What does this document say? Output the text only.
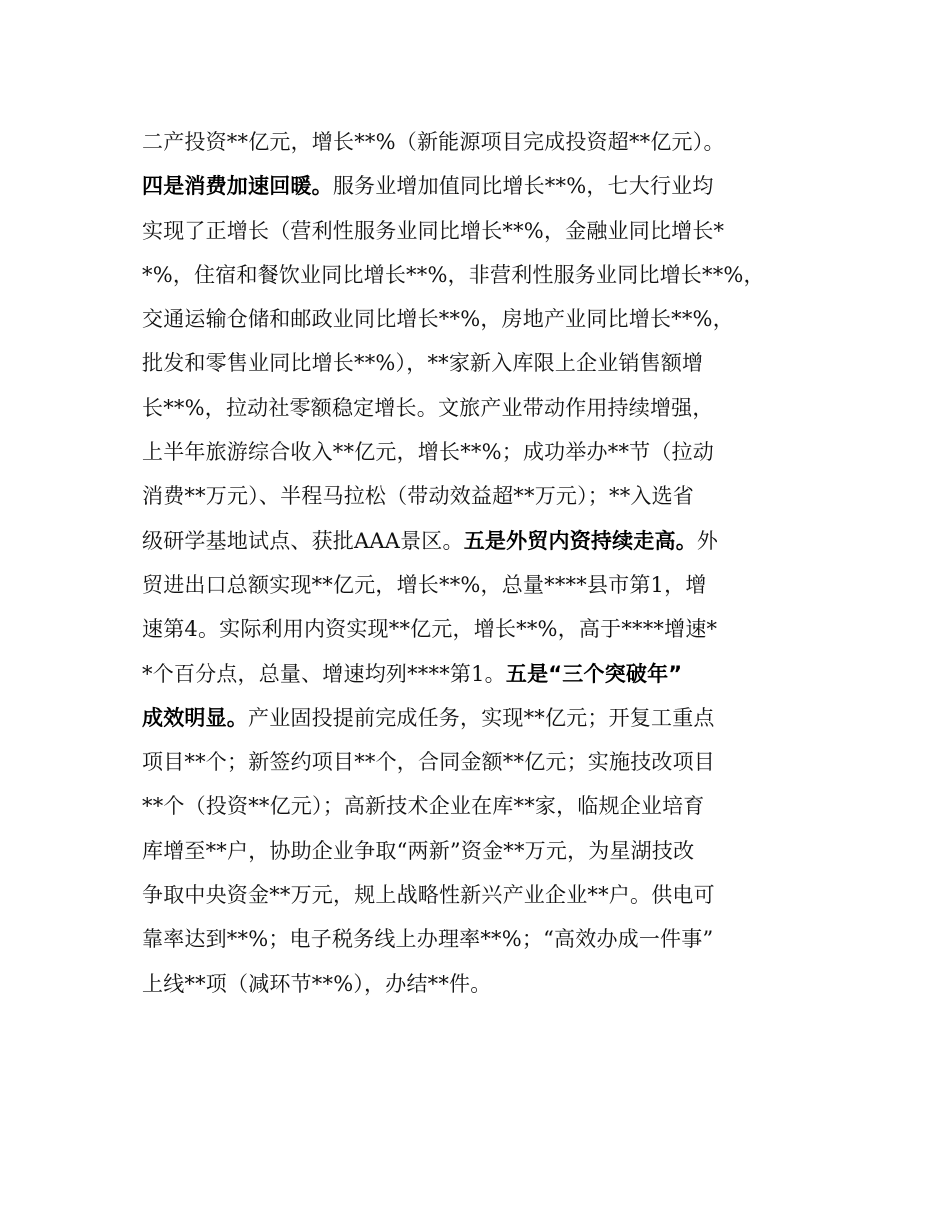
二产投资**亿元，增长**%（新能源项目完成投资超**亿元）。
四是消费加速回暖。服务业增加值同比增长**%，七大行业均
实现了正增长（营利性服务业同比增长**%，金融业同比增长*
*%，住宿和餐饮业同比增长**%，非营利性服务业同比增长**%，
交通运输仓储和邮政业同比增长**%，房地产业同比增长**%，
批发和零售业同比增长**%），**家新入库限上企业销售额增
长**%，拉动社零额稳定增长。文旅产业带动作用持续增强，
上半年旅游综合收入**亿元，增长**%；成功举办**节（拉动
消费**万元）、半程马拉松（带动效益超**万元）；**入选省
级研学基地试点、获批AAA景区。五是外贸内资持续走高。外
贸进出口总额实现**亿元，增长**%，总量****县市第1，增
速第4。实际利用内资实现**亿元，增长**%，高于****增速*
*个百分点，总量、增速均列****第1。五是“三个突破年”
成效明显。产业固投提前完成任务，实现**亿元；开复工重点
项目**个；新签约项目**个，合同金额**亿元；实施技改项目
**个（投资**亿元）；高新技术企业在库**家，临规企业培育
库增至**户，协助企业争取“两新”资金**万元，为星湖技改
争取中央资金**万元，规上战略性新兴产业企业**户。供电可
靠率达到**%；电子税务线上办理率**%；“高效办成一件事”
上线**项（减环节**%），办结**件。
